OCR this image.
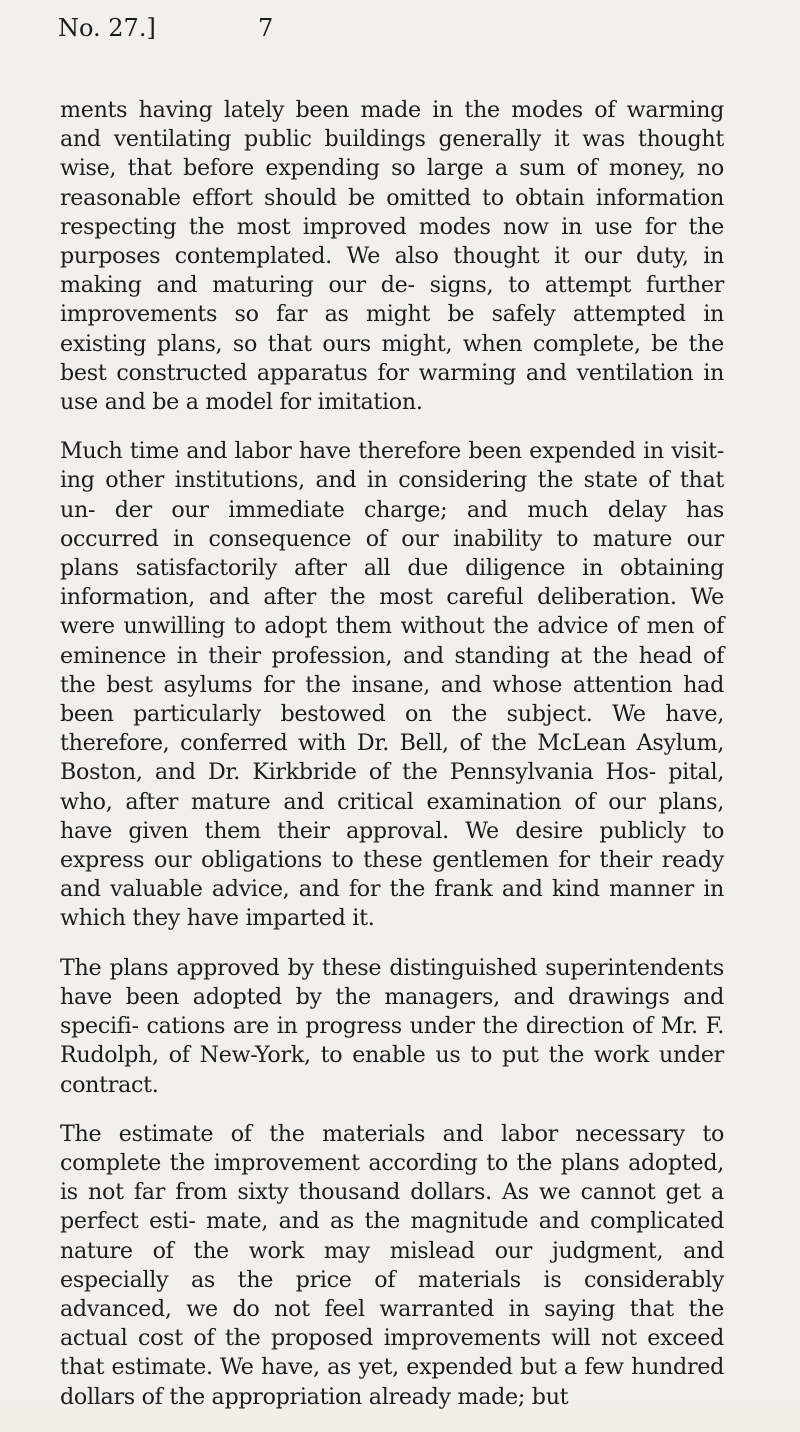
No. 27.]	7

ments having lately been made in the modes of warming and ventilating public buildings generally it was thought wise, that before expending so large a sum of money, no reasonable effort should be omitted to obtain information respecting the most improved modes now in use for the purposes contemplated. We also thought it our duty, in making and maturing our de- signs, to attempt further improvements so far as might be safely attempted in existing plans, so that ours might, when complete, be the best constructed apparatus for warming and ventilation in use and be a model for imitation.

Much time and labor have therefore been expended in visit- ing other institutions, and in considering the state of that un- der our immediate charge; and much delay has occurred in consequence of our inability to mature our plans satisfactorily after all due diligence in obtaining information, and after the most careful deliberation. We were unwilling to adopt them without the advice of men of eminence in their profession, and standing at the head of the best asylums for the insane, and whose attention had been particularly bestowed on the subject. We have, therefore, conferred with Dr. Bell, of the McLean Asylum, Boston, and Dr. Kirkbride of the Pennsylvania Hos- pital, who, after mature and critical examination of our plans, have given them their approval. We desire publicly to express our obligations to these gentlemen for their ready and valuable advice, and for the frank and kind manner in which they have imparted it.

The plans approved by these distinguished superintendents have been adopted by the managers, and drawings and specifi- cations are in progress under the direction of Mr. F. Rudolph, of New-York, to enable us to put the work under contract.

The estimate of the materials and labor necessary to complete the improvement according to the plans adopted, is not far from sixty thousand dollars. As we cannot get a perfect esti- mate, and as the magnitude and complicated nature of the work may mislead our judgment, and especially as the price of materials is considerably advanced, we do not feel warranted in saying that the actual cost of the proposed improvements will not exceed that estimate. We have, as yet, expended but a few hundred dollars of the appropriation already made; but
